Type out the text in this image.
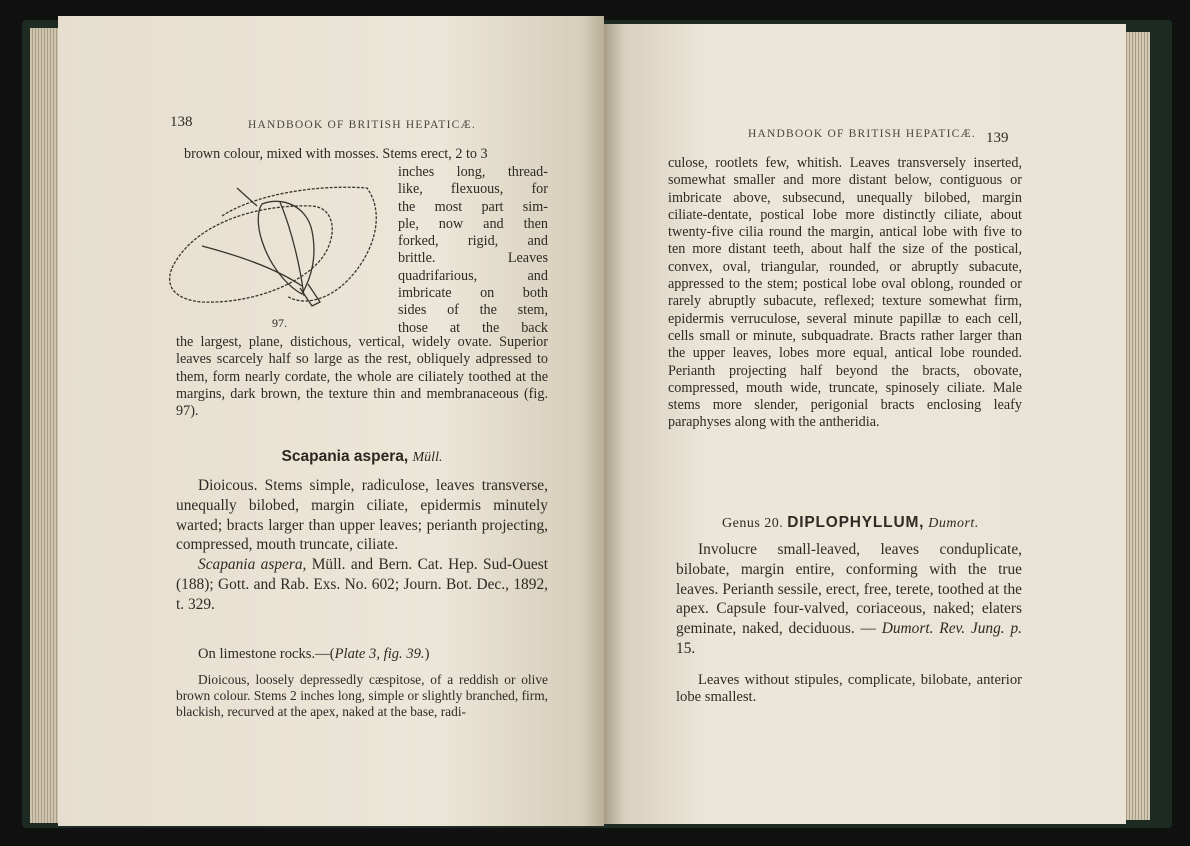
138	HANDBOOK OF BRITISH HEPATICÆ.
brown colour, mixed with mosses. Stems erect, 2 to 3
97.

inches long, thread-

like, flexuous, for

the most part sim-

ple, now and then

forked, rigid, and

brittle. Leaves

quadrifarious, and

imbricate on both

sides of the stem,

those at the back

the largest, plane, distichous, vertical, widely ovate. Superior leaves scarcely half so large as the rest, obliquely adpressed to them, form nearly cordate, the whole are ciliately toothed at the margins, dark brown, the texture thin and membranaceous (fig. 97).
Scapania aspera, Müll.

Dioicous. Stems simple, radiculose, leaves transverse, unequally bilobed, margin ciliate, epidermis minutely warted; bracts larger than upper leaves; perianth projecting, compressed, mouth truncate, ciliate.

Scapania aspera, Müll. and Bern. Cat. Hep. Sud-Ouest (188); Gott. and Rab. Exs. No. 602; Journ. Bot. Dec., 1892, t. 329.

On limestone rocks.—(Plate 3, fig. 39.)

Dioicous, loosely depressedly cæspitose, of a reddish or olive brown colour. Stems 2 inches long, simple or slightly branched, firm, blackish, recurved at the apex, naked at the base, radi-

HANDBOOK OF BRITISH HEPATICÆ. 139
culose, rootlets few, whitish. Leaves transversely inserted, somewhat smaller and more distant below, contiguous or imbricate above, subsecund, unequally bilobed, margin ciliate-dentate, postical lobe more distinctly ciliate, about twenty-five cilia round the margin, antical lobe with five to ten more distant teeth, about half the size of the postical, convex, oval, triangular, rounded, or abruptly subacute, appressed to the stem; postical lobe oval oblong, rounded or rarely abruptly subacute, reflexed; texture somewhat firm, epidermis verruculose, several minute papillæ to each cell, cells small or minute, subquadrate. Bracts rather larger than the upper leaves, lobes more equal, antical lobe rounded. Perianth projecting half beyond the bracts, obovate, compressed, mouth wide, truncate, spinosely ciliate. Male stems more slender, perigonial bracts enclosing leafy paraphyses along with the antheridia.
Genus 20. DIPLOPHYLLUM, Dumort.

Involucre small-leaved, leaves conduplicate, bilobate, margin entire, conforming with the true leaves. Perianth sessile, erect, free, terete, toothed at the apex. Capsule four-valved, coriaceous, naked; elaters geminate, naked, deciduous. — Dumort. Rev. Jung. p. 15.

Leaves without stipules, complicate, bilobate, anterior lobe smallest.
